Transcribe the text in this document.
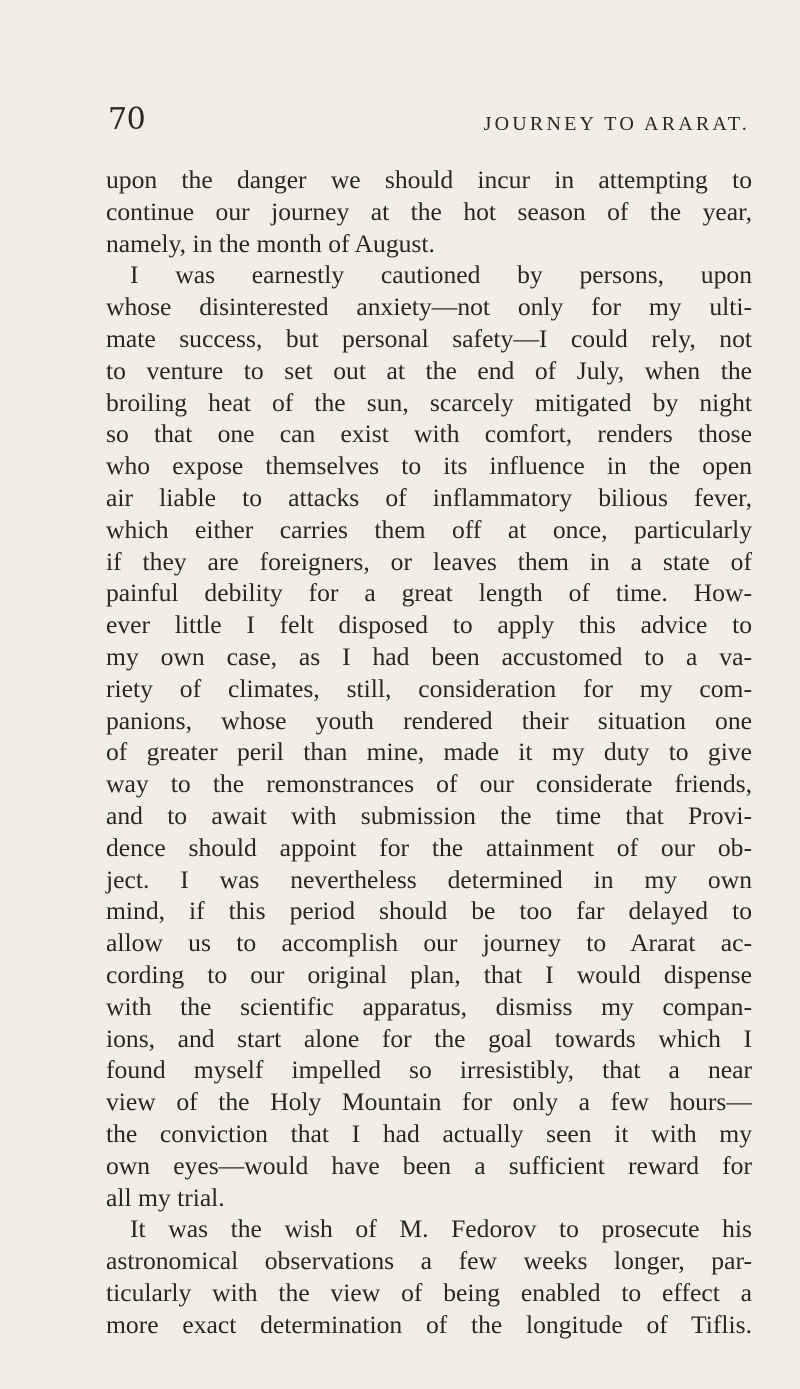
70	JOURNEY TO ARARAT.
upon the danger we should incur in attempting to
continue our journey at the hot season of the year,
namely, in the month of August.
I was earnestly cautioned by persons, upon
whose disinterested anxiety—not only for my ulti-
mate success, but personal safety—I could rely, not
to venture to set out at the end of July, when the
broiling heat of the sun, scarcely mitigated by night
so that one can exist with comfort, renders those
who expose themselves to its influence in the open
air liable to attacks of inflammatory bilious fever,
which either carries them off at once, particularly
if they are foreigners, or leaves them in a state of
painful debility for a great length of time. How-
ever little I felt disposed to apply this advice to
my own case, as I had been accustomed to a va-
riety of climates, still, consideration for my com-
panions, whose youth rendered their situation one
of greater peril than mine, made it my duty to give
way to the remonstrances of our considerate friends,
and to await with submission the time that Provi-
dence should appoint for the attainment of our ob-
ject. I was nevertheless determined in my own
mind, if this period should be too far delayed to
allow us to accomplish our journey to Ararat ac-
cording to our original plan, that I would dispense
with the scientific apparatus, dismiss my compan-
ions, and start alone for the goal towards which I
found myself impelled so irresistibly, that a near
view of the Holy Mountain for only a few hours—
the conviction that I had actually seen it with my
own eyes—would have been a sufficient reward for
all my trial.
It was the wish of M. Fedorov to prosecute his
astronomical observations a few weeks longer, par-
ticularly with the view of being enabled to effect a
more exact determination of the longitude of Tiflis.
